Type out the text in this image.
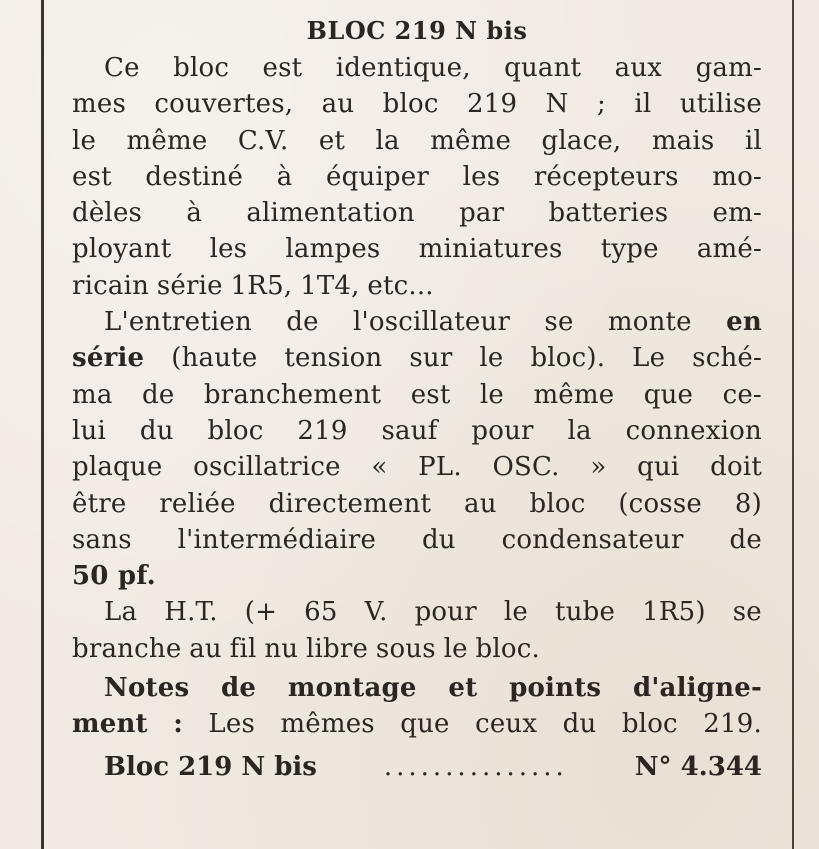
BLOC 219 N bis
Ce bloc est identique, quant aux gam-
mes couvertes, au bloc 219 N ; il utilise
le même C.V. et la même glace, mais il
est destiné à équiper les récepteurs mo-
dèles à alimentation par batteries em-
ployant les lampes miniatures type amé-
ricain série 1R5, 1T4, etc...
L'entretien de l'oscillateur se monte en
série (haute tension sur le bloc). Le sché-
ma de branchement est le même que ce-
lui du bloc 219 sauf pour la connexion
plaque oscillatrice « PL. OSC. » qui doit
être reliée directement au bloc (cosse 8)
sans l'intermédiaire du condensateur de
50 pf.
La H.T. (+ 65 V. pour le tube 1R5) se
branche au fil nu libre sous le bloc.
Notes de montage et points d'aligne-
ment : Les mêmes que ceux du bloc 219.
Bloc 219 N bis	...............	N° 4.344
